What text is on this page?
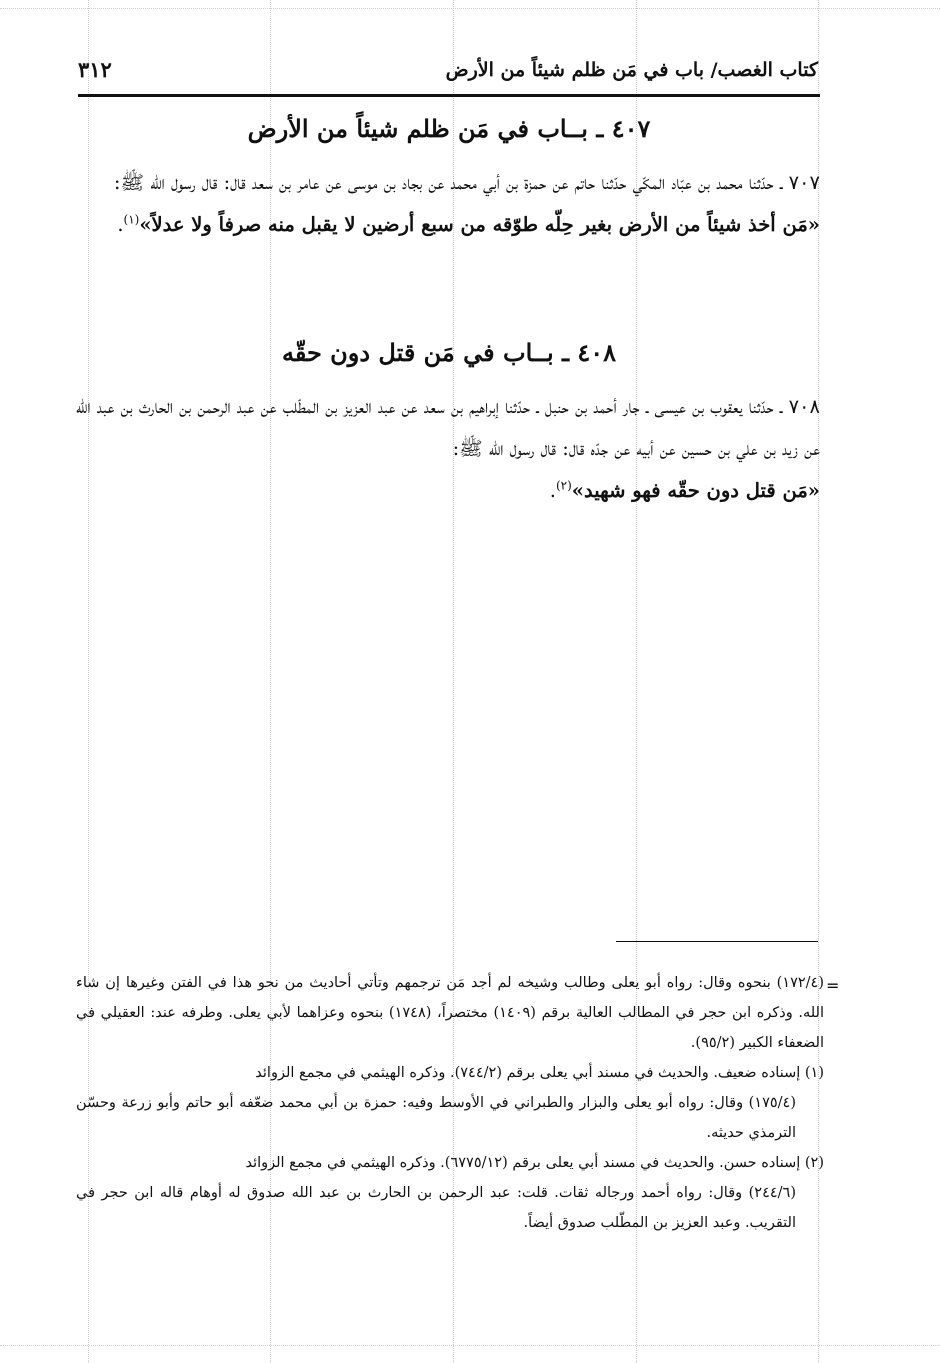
كتاب الغصب/ باب في مَن ظلم شيئاً من الأرض
٣١٢
٤٠٧ ـ بــاب في مَن ظلم شيئاً من الأرض
٧٠٧ ـ حدّثنا محمد بن عبّاد المكّي حدّثنا حاتم عن حمزة بن أبي محمد عن بجاد بن موسى عن عامر بن سعد قال: قال رسول الله ﷺ:
«مَن أخذ شيئاً من الأرض بغير حِلّه طوّقه من سبع أرضين لا يقبل منه صرفاً ولا عدلاً»$^{(١)}$.
٤٠٨ ـ بــاب في مَن قتل دون حقّه
٧٠٨ ـ حدّثنا يعقوب بن عيسى ـ جار أحمد بن حنبل ـ حدّثنا إبراهيم بن سعد عن عبد العزيز بن المطّلب عن عبد الرحمن بن الحارث بن عبد الله عن زيد بن علي بن حسين عن أبيه عن جدّه قال: قال رسول الله ﷺ:
«مَن قتل دون حقّه فهو شهيد»$^{(٢)}$.
=
(١٧٢/٤) بنحوه وقال: رواه أبو يعلى وطالب وشيخه لم أجد مَن ترجمهم وتأتي أحاديث من نحو هذا في الفتن وغيرها إن شاء الله. وذكره ابن حجر في المطالب العالية برقم (١٤٠٩) مختصراً، (١٧٤٨) بنحوه وعزاهما لأبي يعلى. وطرفه عند: العقيلي في الضعفاء الكبير (٩٥/٢).
(١) إسناده ضعيف. والحديث في مسند أبي يعلى برقم (٧٤٤/٢). وذكره الهيثمي في مجمع الزوائد
(١٧٥/٤) وقال: رواه أبو يعلى والبزار والطبراني في الأوسط وفيه: حمزة بن أبي محمد ضعّفه أبو حاتم وأبو زرعة وحسّن الترمذي حديثه.
(٢) إسناده حسن. والحديث في مسند أبي يعلى برقم (٦٧٧٥/١٢). وذكره الهيثمي في مجمع الزوائد
(٢٤٤/٦) وقال: رواه أحمد ورجاله ثقات. قلت: عبد الرحمن بن الحارث بن عبد الله صدوق له أوهام قاله ابن حجر في التقريب. وعبد العزيز بن المطّلب صدوق أيضاً.
